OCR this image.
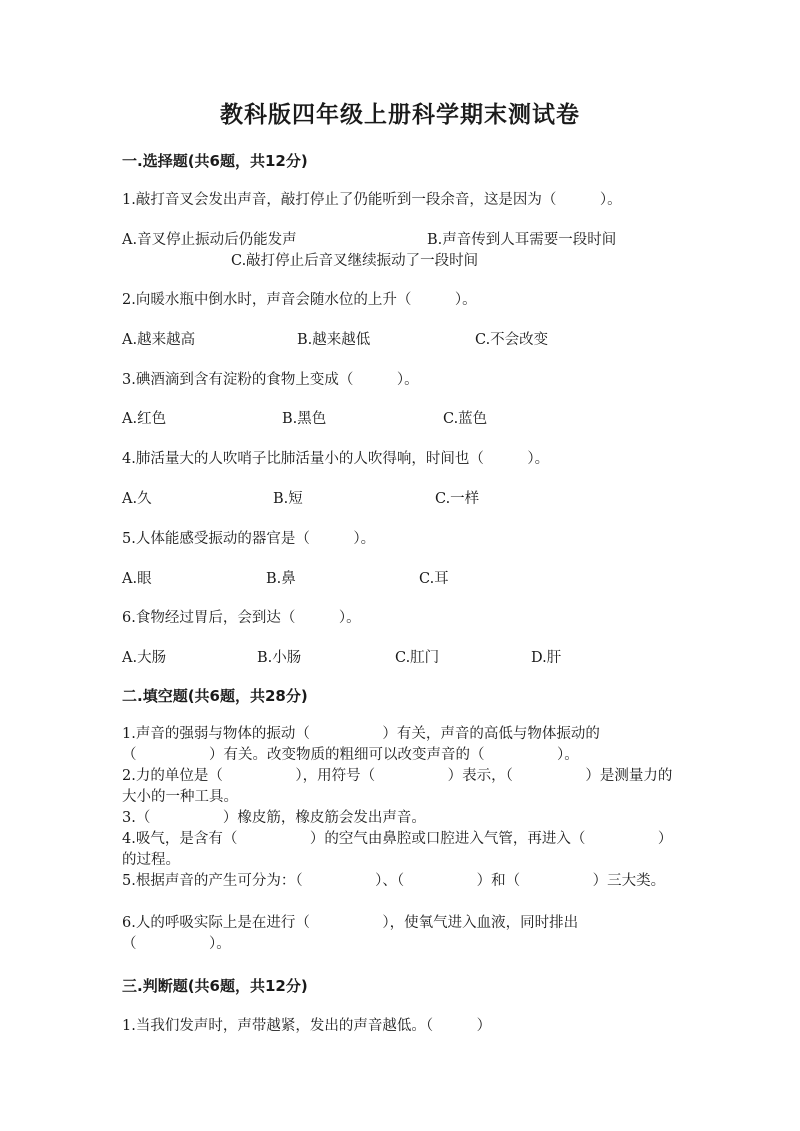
教科版四年级上册科学期末测试卷
一.选择题(共6题，共12分)
1.敲打音叉会发出声音，敲打停止了仍能听到一段余音，这是因为（　　　）。
A.音叉停止振动后仍能发声	B.声音传到人耳需要一段时间
C.敲打停止后音叉继续振动了一段时间
2.向暖水瓶中倒水时，声音会随水位的上升（　　　）。
A.越来越高	B.越来越低	C.不会改变
3.碘酒滴到含有淀粉的食物上变成（　　　）。
A.红色	B.黑色	C.蓝色
4.肺活量大的人吹哨子比肺活量小的人吹得响，时间也（　　　）。
A.久	B.短	C.一样
5.人体能感受振动的器官是（　　　）。
A.眼	B.鼻	C.耳
6.食物经过胃后，会到达（　　　）。
A.大肠	B.小肠	C.肛门	D.肝
二.填空题(共6题，共28分)
1.声音的强弱与物体的振动（　　　　　）有关，声音的高低与物体振动的（　　　　　）有关。改变物质的粗细可以改变声音的（　　　　　）。
2.力的单位是（　　　　　），用符号（　　　　　）表示，（　　　　　）是测量力的大小的一种工具。
3.（　　　　　）橡皮筋，橡皮筋会发出声音。
4.吸气，是含有（　　　　　）的空气由鼻腔或口腔进入气管，再进入（　　　　　）的过程。
5.根据声音的产生可分为：（　　　　　）、（　　　　　）和（　　　　　）三大类。
6.人的呼吸实际上是在进行（　　　　　），使氧气进入血液，同时排出（　　　　　）。
三.判断题(共6题，共12分)
1.当我们发声时，声带越紧，发出的声音越低。（　　　）
